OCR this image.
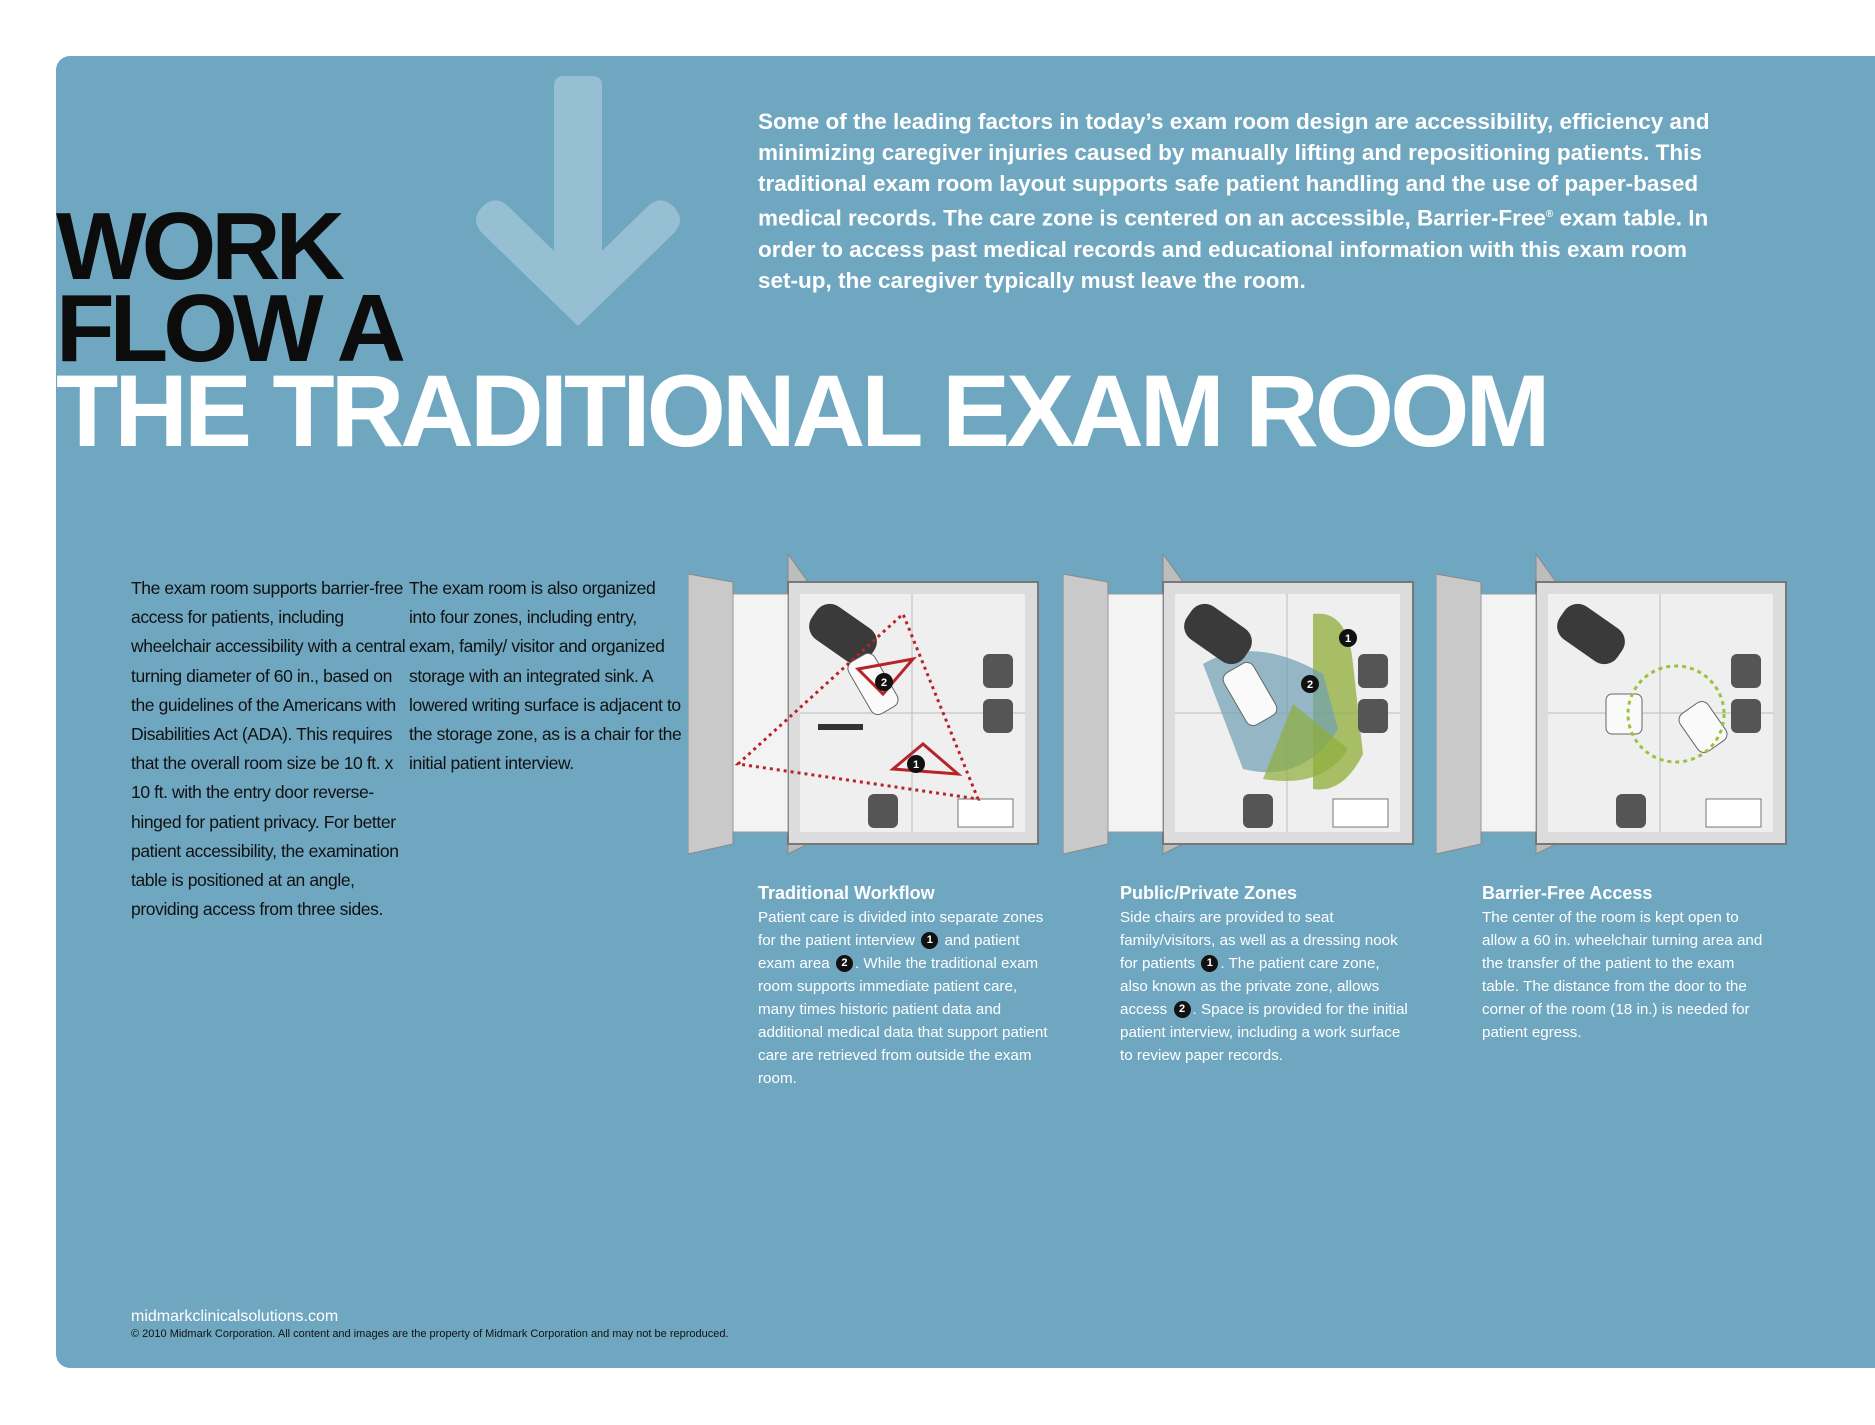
WORK
FLOW A
THE TRADITIONAL EXAM ROOM
Some of the leading factors in today’s exam room design are accessibility, efficiency and minimizing caregiver injuries caused by manually lifting and repositioning patients. This traditional exam room layout supports safe patient handling and the use of paper-based medical records. The care zone is centered on an accessible, Barrier-Free® exam table. In order to access past medical records and educational information with this exam room set-up, the caregiver typically must leave the room.
The exam room supports barrier-free access for patients, including wheelchair accessibility with a central turning diameter of 60 in., based on the guidelines of the Americans with Disabilities Act (ADA). This requires that the overall room size be 10 ft. x 10 ft. with the entry door reverse-hinged for patient privacy. For better patient accessibility, the examination table is positioned at an angle, providing access from three sides.
The exam room is also organized into four zones, including entry, exam, family/ visitor and organized storage with an integrated sink. A lowered writing surface is adjacent to the storage zone, as is a chair for the initial patient interview.	1
2
1
2
Traditional Workflow

Patient care is divided into separate zones for the patient interview 1 and patient exam area 2 . While the traditional exam room supports immediate patient care, many times historic patient data and additional medical data that support patient care are retrieved from outside the exam room.

Public/Private Zones

Side chairs are provided to seat family/visitors, as well as a dressing nook for patients 1 . The patient care zone, also known as the private zone, allows access 2 . Space is provided for the initial patient interview, including a work surface to review paper records.

Barrier-Free Access

The center of the room is kept open to allow a 60 in. wheelchair turning area and the transfer of the patient to the exam table. The distance from the door to the corner of the room (18 in.) is needed for patient egress.

midmarkclinicalsolutions.com
© 2010 Midmark Corporation. All content and images are the property of Midmark Corporation and may not be reproduced.
